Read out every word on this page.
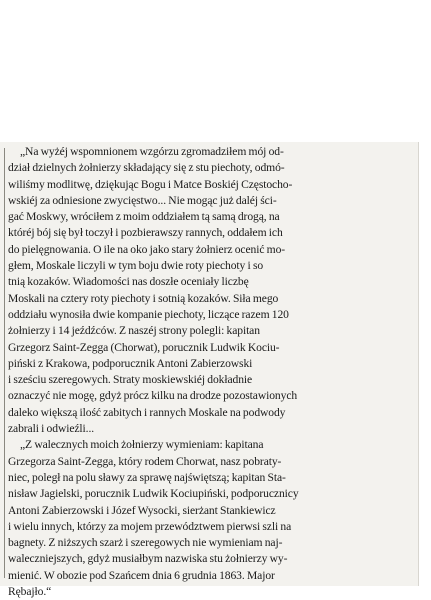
„Na wyżéj wspomnionem wzgórzu zgromadziłem mój od-
dział dzielnych żołnierzy składający się z stu piechoty, odmó-
wiliśmy modlitwę, dziękując Bogu i Matce Boskiéj Częstocho-
wskiéj za odniesione zwycięstwo... Nie mogąc już daléj ści-
gać Moskwy, wróciłem z moim oddziałem tą samą drogą, na
któréj bój się był toczył i pozbierawszy rannych, oddałem ich
do pielęgnowania. O ile na oko jako stary żołnierz ocenić mo-
głem, Moskale liczyli w tym boju dwie roty piechoty i so
tnią kozaków. Wiadomości nas doszłe oceniały liczbę
Moskali na cztery roty piechoty i sotnią kozaków. Siła mego
oddziału wynosiła dwie kompanie piechoty, liczące razem 120
żołnierzy i 14 jeźdźców. Z naszéj strony polegli: kapitan
Grzegorz Saint-Zegga (Chorwat), porucznik Ludwik Kociu-
piński z Krakowa, podporucznik Antoni Zabierzowski
i sześciu szeregowych. Straty moskiewskiéj dokładnie
oznaczyć nie mogę, gdyż prócz kilku na drodze pozostawionych
daleko większą ilość zabitych i rannych Moskale na podwody
zabrali i odwieźli...

„Z walecznych moich żołnierzy wymieniam: kapitana
Grzegorza Saint-Zegga, który rodem Chorwat, nasz pobraty-
niec, poległ na polu sławy za sprawę najświętszą; kapitan Sta-
nisław Jagielski, porucznik Ludwik Kociupiński, podporucznicy
Antoni Zabierzowski i Józef Wysocki, sierżant Stankiewicz
i wielu innych, którzy za mojem przewództwem pierwsi szli na
bagnety. Z niższych szarż i szeregowych nie wymieniam naj-
waleczniejszych, gdyż musiałbym nazwiska stu żołnierzy wy-
mienić. W obozie pod Szańcem dnia 6 grudnia 1863. Major
Rębajło.“
